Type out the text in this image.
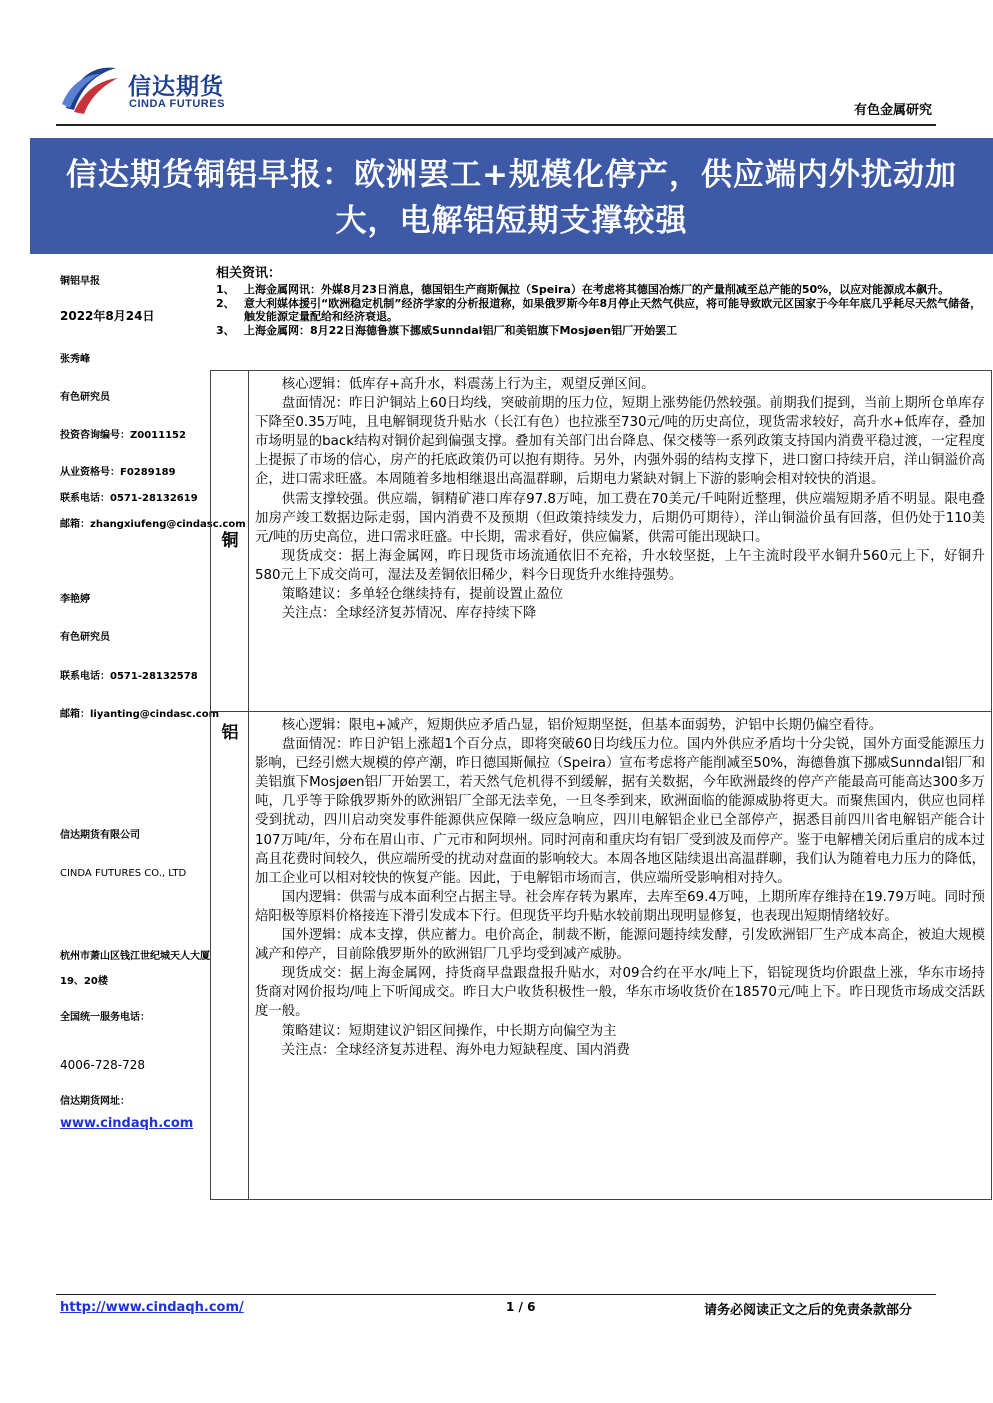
信达期货
CINDA FUTURES	有色金属研究
信达期货铜铝早报：欧洲罢工+规模化停产，供应端内外扰动加大，电解铝短期支撑较强
铜铝早报
2022年8月24日
张秀峰
有色研究员
投资咨询编号：Z0011152
从业资格号：F0289189
联系电话：0571-28132619
邮箱：zhangxiufeng@cindasc.com
李艳婷
有色研究员
联系电话：0571-28132578
邮箱：liyanting@cindasc.com
信达期货有限公司
CINDA FUTURES CO., LTD
杭州市萧山区钱江世纪城天人大厦
19、20楼
全国统一服务电话：
4006-728-728
信达期货网址：
www.cindaqh.com
相关资讯：
1、 上海金属网讯：外媒8月23日消息，德国铝生产商斯佩拉（Speira）在考虑将其德国冶炼厂的产量削减至总产能的50%，以应对能源成本飙升。
2、 意大利媒体援引“欧洲稳定机制”经济学家的分析报道称，如果俄罗斯今年8月停止天然气供应，将可能导致欧元区国家于今年年底几乎耗尽天然气储备，触发能源定量配给和经济衰退。
3、 上海金属网：8月22日海德鲁旗下挪威Sunndal铝厂和美铝旗下Mosjøen铝厂开始罢工
铜

核心逻辑：低库存+高升水，料震荡上行为主，观望反弹区间。

盘面情况：昨日沪铜站上60日均线，突破前期的压力位，短期上涨势能仍然较强。前期我们提到，当前上期所仓单库存下降至0.35万吨，且电解铜现货升贴水（长江有色）也拉涨至730元/吨的历史高位，现货需求较好，高升水+低库存，叠加市场明显的back结构对铜价起到偏强支撑。叠加有关部门出台降息、保交楼等一系列政策支持国内消费平稳过渡，一定程度上提振了市场的信心，房产的托底政策仍可以抱有期待。另外，内强外弱的结构支撑下，进口窗口持续开启，洋山铜溢价高企，进口需求旺盛。本周随着多地相继退出高温群聊，后期电力紧缺对铜上下游的影响会相对较快的消退。

供需支撑较强。供应端，铜精矿港口库存97.8万吨，加工费在70美元/千吨附近整理，供应端短期矛盾不明显。限电叠加房产竣工数据边际走弱，国内消费不及预期（但政策持续发力，后期仍可期待），洋山铜溢价虽有回落，但仍处于110美元/吨的历史高位，进口需求旺盛。中长期，需求看好，供应偏紧，供需可能出现缺口。

现货成交：据上海金属网，昨日现货市场流通依旧不充裕，升水较坚挺，上午主流时段平水铜升560元上下，好铜升580元上下成交尚可，湿法及差铜依旧稀少，料今日现货升水维持强势。

策略建议：多单轻仓继续持有，提前设置止盈位

关注点：全球经济复苏情况、库存持续下降

铝	核心逻辑：限电+减产，短期供应矛盾凸显，铝价短期坚挺，但基本面弱势，沪铝中长期仍偏空看待。

盘面情况：昨日沪铝上涨超1个百分点，即将突破60日均线压力位。国内外供应矛盾均十分尖锐，国外方面受能源压力影响，已经引燃大规模的停产潮，昨日德国斯佩拉（Speira）宣布考虑将产能削减至50%，海德鲁旗下挪威Sunndal铝厂和美铝旗下Mosjøen铝厂开始罢工，若天然气危机得不到缓解，据有关数据，今年欧洲最终的停产产能最高可能高达300多万吨，几乎等于除俄罗斯外的欧洲铝厂全部无法幸免，一旦冬季到来，欧洲面临的能源威胁将更大。而聚焦国内，供应也同样受到扰动，四川启动突发事件能源供应保障一级应急响应，四川电解铝企业已全部停产，据悉目前四川省电解铝产能合计107万吨/年，分布在眉山市、广元市和阿坝州。同时河南和重庆均有铝厂受到波及而停产。鉴于电解槽关闭后重启的成本过高且花费时间较久，供应端所受的扰动对盘面的影响较大。本周各地区陆续退出高温群聊，我们认为随着电力压力的降低，加工企业可以相对较快的恢复产能。因此，于电解铝市场而言，供应端所受影响相对持久。

国内逻辑：供需与成本面利空占据主导。社会库存转为累库，去库至69.4万吨，上期所库存维持在19.79万吨。同时预焙阳极等原料价格接连下滑引发成本下行。但现货平均升贴水较前期出现明显修复，也表现出短期情绪较好。

国外逻辑：成本支撑，供应蓄力。电价高企，制裁不断，能源问题持续发酵，引发欧洲铝厂生产成本高企，被迫大规模减产和停产，目前除俄罗斯外的欧洲铝厂几乎均受到减产威胁。

现货成交：据上海金属网，持货商早盘跟盘报升贴水，对09合约在平水/吨上下，铝锭现货均价跟盘上涨，华东市场持货商对网价报均/吨上下听闻成交。昨日大户收货积极性一般，华东市场收货价在18570元/吨上下。昨日现货市场成交活跃度一般。

策略建议：短期建议沪铝区间操作，中长期方向偏空为主

关注点：全球经济复苏进程、海外电力短缺程度、国内消费

http://www.cindaqh.com/	1 / 6	请务必阅读正文之后的免责条款部分
